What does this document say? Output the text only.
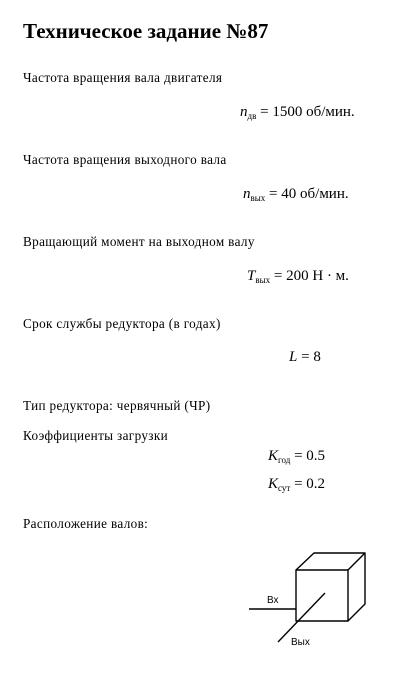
Техническое задание №87
Частота вращения вала двигателя
$n_{дв} = 1500$ об/мин.
Частота вращения выходного вала
$n_{вых} = 40$ об/мин.
Вращающий момент на выходном валу
$T_{вых} = 200$ Н · м.
Срок службы редуктора (в годах)
L = 8
Тип редуктора: червячный (ЧР)
Коэффициенты загрузки
$K_{год} = 0.5$
$K_{сут} = 0.2$
Расположение валов:
Вх
Вых
